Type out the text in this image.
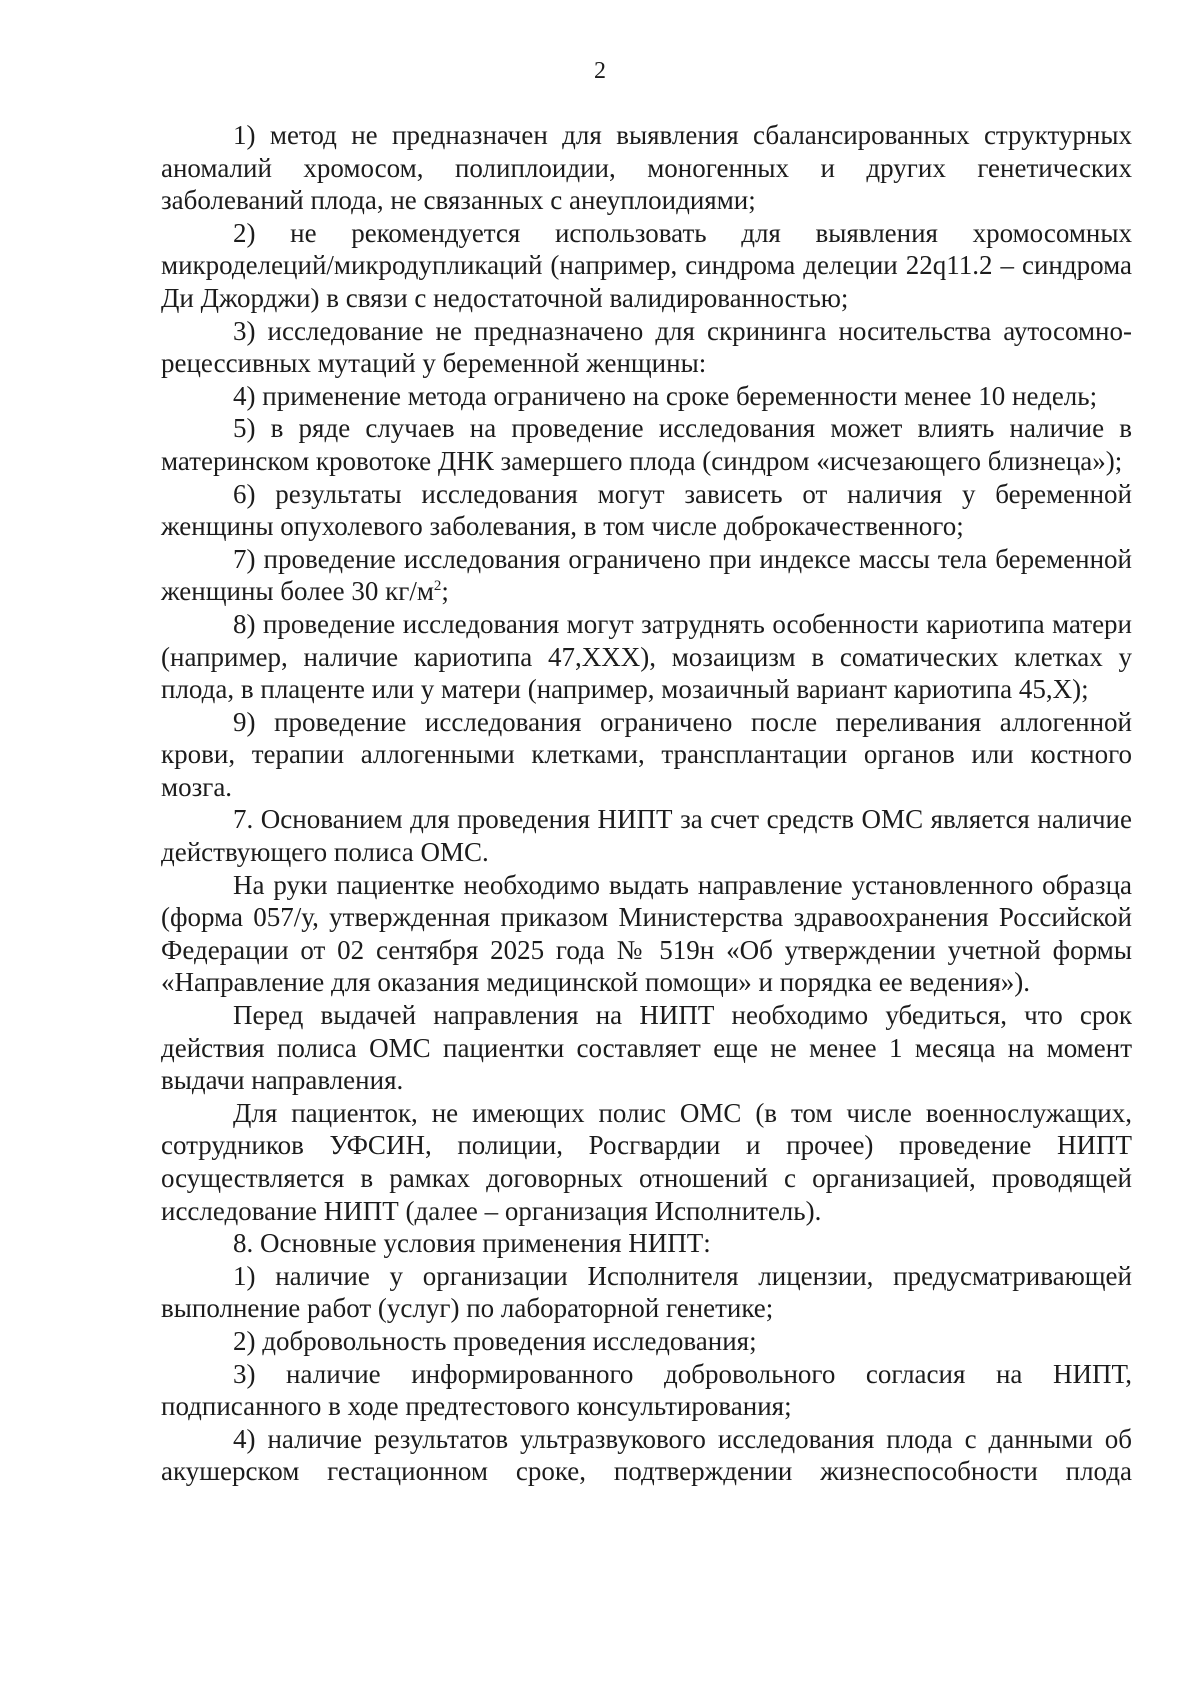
2

1) метод не предназначен для выявления сбалансированных структурных аномалий хромосом, полиплоидии, моногенных и других генетических заболеваний плода, не связанных с анеуплоидиями;

2) не рекомендуется использовать для выявления хромосомных микроделеций/микродупликаций (например, синдрома делеции 22q11.2 – синдрома Ди Джорджи) в связи с недостаточной валидированностью;

3) исследование не предназначено для скрининга носительства аутосомно-рецессивных мутаций у беременной женщины:

4) применение метода ограничено на сроке беременности менее 10 недель;

5) в ряде случаев на проведение исследования может влиять наличие в материнском кровотоке ДНК замершего плода (синдром «исчезающего близнеца»);

6) результаты исследования могут зависеть от наличия у беременной женщины опухолевого заболевания, в том числе доброкачественного;

7) проведение исследования ограничено при индексе массы тела беременной женщины более 30 $кг/м^2$;

8) проведение исследования могут затруднять особенности кариотипа матери (например, наличие кариотипа 47,ХХХ), мозаицизм в соматических клетках у плода, в плаценте или у матери (например, мозаичный вариант кариотипа 45,Х);

9) проведение исследования ограничено после переливания аллогенной крови, терапии аллогенными клетками, трансплантации органов или костного мозга.

7. Основанием для проведения НИПТ за счет средств ОМС является наличие действующего полиса ОМС.

На руки пациентке необходимо выдать направление установленного образца (форма 057/у, утвержденная приказом Министерства здравоохранения Российской Федерации от 02 сентября 2025 года № 519н «Об утверждении учетной формы «Направление для оказания медицинской помощи» и порядка ее ведения»).

Перед выдачей направления на НИПТ необходимо убедиться, что срок действия полиса ОМС пациентки составляет еще не менее 1 месяца на момент выдачи направления.

Для пациенток, не имеющих полис ОМС (в том числе военнослужащих, сотрудников УФСИН, полиции, Росгвардии и прочее) проведение НИПТ осуществляется в рамках договорных отношений с организацией, проводящей исследование НИПТ (далее – организация Исполнитель).

8. Основные условия применения НИПТ:

1) наличие у организации Исполнителя лицензии, предусматривающей выполнение работ (услуг) по лабораторной генетике;

2) добровольность проведения исследования;

3) наличие информированного добровольного согласия на НИПТ, подписанного в ходе предтестового консультирования;

4) наличие результатов ультразвукового исследования плода с данными об акушерском гестационном сроке, подтверждении жизнеспособности плода
